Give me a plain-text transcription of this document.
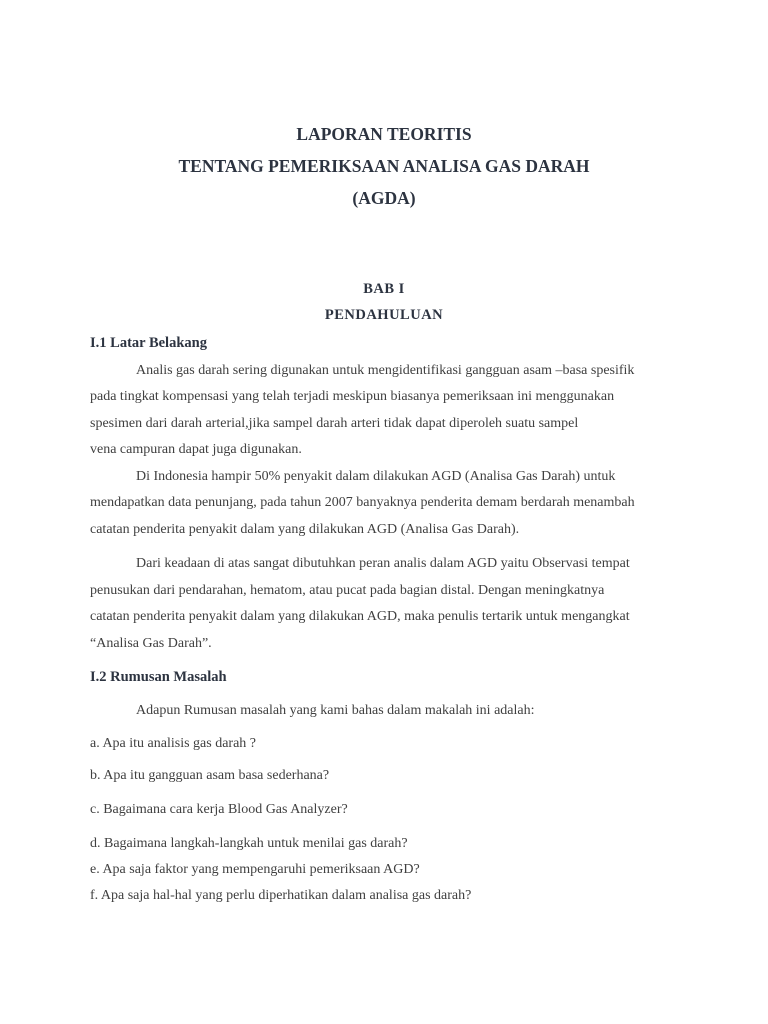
LAPORAN TEORITIS
TENTANG PEMERIKSAAN ANALISA GAS DARAH
(AGDA)
BAB I
PENDAHULUAN
I.1 Latar Belakang
Analis gas darah sering digunakan untuk mengidentifikasi gangguan asam –basa spesifik
pada tingkat kompensasi yang telah terjadi meskipun biasanya pemeriksaan ini menggunakan
spesimen dari darah arterial,jika sampel darah arteri tidak dapat diperoleh suatu sampel
vena campuran dapat juga digunakan.
Di Indonesia hampir 50% penyakit dalam dilakukan AGD (Analisa Gas Darah) untuk
mendapatkan data penunjang, pada tahun 2007 banyaknya penderita demam berdarah menambah
catatan penderita penyakit dalam yang dilakukan AGD (Analisa Gas Darah).
Dari keadaan di atas sangat dibutuhkan peran analis dalam AGD yaitu Observasi tempat
penusukan dari pendarahan, hematom, atau pucat pada bagian distal. Dengan meningkatnya
catatan penderita penyakit dalam yang dilakukan AGD, maka penulis tertarik untuk mengangkat
“Analisa Gas Darah”.
I.2 Rumusan Masalah
Adapun Rumusan masalah yang kami bahas dalam makalah ini adalah:
a. Apa itu analisis gas darah ?
b. Apa itu gangguan asam basa sederhana?
c. Bagaimana cara kerja Blood Gas Analyzer?
d. Bagaimana langkah-langkah untuk menilai gas darah?
e. Apa saja faktor yang mempengaruhi pemeriksaan AGD?
f. Apa saja hal-hal yang perlu diperhatikan dalam analisa gas darah?
